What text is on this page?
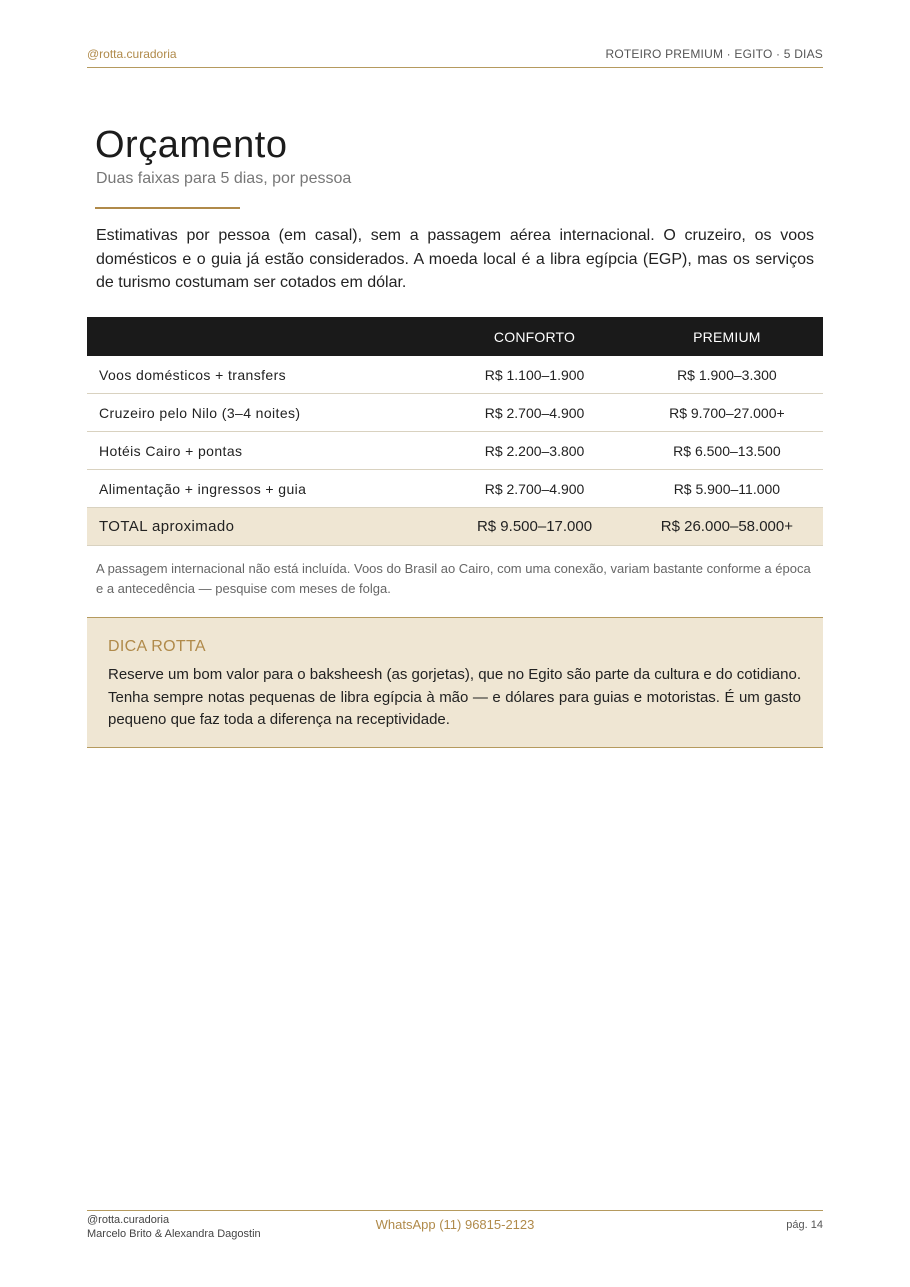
@rotta.curadoria	ROTEIRO PREMIUM · EGITO · 5 DIAS
Orçamento
Duas faixas para 5 dias, por pessoa

Estimativas por pessoa (em casal), sem a passagem aérea internacional. O cruzeiro, os voos domésticos e o guia já estão considerados. A moeda local é a libra egípcia (EGP), mas os serviços de turismo costumam ser cotados em dólar.

	CONFORTO	PREMIUM
Voos domésticos + transfers	R$ 1.100–1.900	R$ 1.900–3.300
Cruzeiro pelo Nilo (3–4 noites)	R$ 2.700–4.900	R$ 9.700–27.000+
Hotéis Cairo + pontas	R$ 2.200–3.800	R$ 6.500–13.500
Alimentação + ingressos + guia	R$ 2.700–4.900	R$ 5.900–11.000
TOTAL aproximado	R$ 9.500–17.000	R$ 26.000–58.000+

A passagem internacional não está incluída. Voos do Brasil ao Cairo, com uma conexão, variam bastante conforme a época e a antecedência — pesquise com meses de folga.

DICA ROTTA
Reserve um bom valor para o baksheesh (as gorjetas), que no Egito são parte da cultura e do cotidiano. Tenha sempre notas pequenas de libra egípcia à mão — e dólares para guias e motoristas. É um gasto pequeno que faz toda a diferença na receptividade.
@rotta.curadoria
Marcelo Brito & Alexandra Dagostin
WhatsApp (11) 96815-2123	pág. 14
